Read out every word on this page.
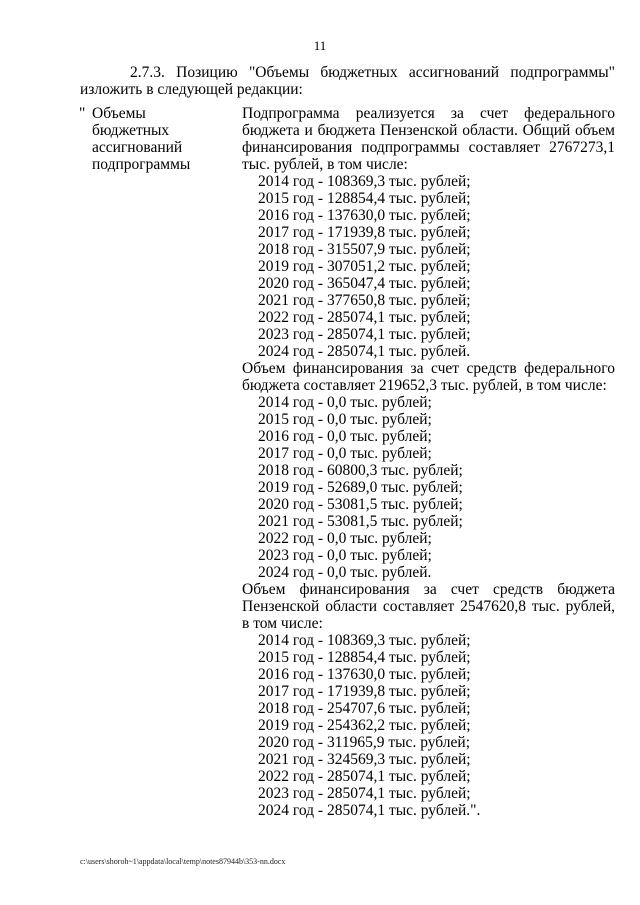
11
2.7.3. Позицию "Объемы бюджетных ассигнований подпрограммы"
изложить в следующей редакции:
" Объемы
бюджетных
ассигнований
подпрограммы
Подпрограмма реализуется за счет федерального бюджета и бюджета Пензенской области. Общий объем финансирования подпрограммы составляет 2767273,1 тыс. рублей, в том числе:
2014 год - 108369,3 тыс. рублей;
2015 год - 128854,4 тыс. рублей;
2016 год - 137630,0 тыс. рублей;
2017 год - 171939,8 тыс. рублей;
2018 год - 315507,9 тыс. рублей;
2019 год - 307051,2 тыс. рублей;
2020 год - 365047,4 тыс. рублей;
2021 год - 377650,8 тыс. рублей;
2022 год - 285074,1 тыс. рублей;
2023 год - 285074,1 тыс. рублей;
2024 год - 285074,1 тыс. рублей.
Объем финансирования за счет средств федерального бюджета составляет 219652,3 тыс. рублей, в том числе:
2014 год - 0,0 тыс. рублей;
2015 год - 0,0 тыс. рублей;
2016 год - 0,0 тыс. рублей;
2017 год - 0,0 тыс. рублей;
2018 год - 60800,3 тыс. рублей;
2019 год - 52689,0 тыс. рублей;
2020 год - 53081,5 тыс. рублей;
2021 год - 53081,5 тыс. рублей;
2022 год - 0,0 тыс. рублей;
2023 год - 0,0 тыс. рублей;
2024 год - 0,0 тыс. рублей.
Объем финансирования за счет средств бюджета Пензенской области составляет 2547620,8 тыс. рублей, в том числе:
2014 год - 108369,3 тыс. рублей;
2015 год - 128854,4 тыс. рублей;
2016 год - 137630,0 тыс. рублей;
2017 год - 171939,8 тыс. рублей;
2018 год - 254707,6 тыс. рублей;
2019 год - 254362,2 тыс. рублей;
2020 год - 311965,9 тыс. рублей;
2021 год - 324569,3 тыс. рублей;
2022 год - 285074,1 тыс. рублей;
2023 год - 285074,1 тыс. рублей;
2024 год - 285074,1 тыс. рублей.".
c:\users\shoroh~1\appdata\local\temp\notes87944b\353-nn.docx
